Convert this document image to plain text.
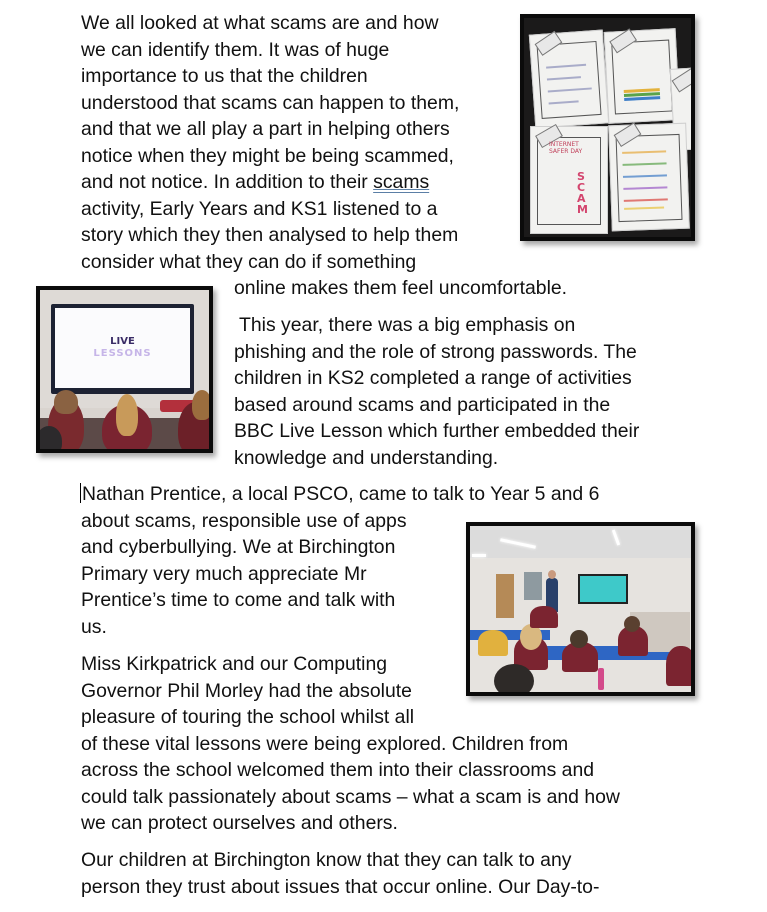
We all looked at what scams are and how
we can identify them. It was of huge
importance to us that the children
understood that scams can happen to them,
and that we all play a part in helping others
notice when they might be being scammed,
and not notice. In addition to their scams
activity, Early Years and KS1 listened to a
story which they then analysed to help them
consider what they can do if something
online makes them feel uncomfortable.
This year, there was a big emphasis on
phishing and the role of strong passwords. The
children in KS2 completed a range of activities
based around scams and participated in the
BBC Live Lesson which further embedded their
knowledge and understanding.
Nathan Prentice, a local PSCO, came to talk to Year 5 and 6
about scams, responsible use of apps
and cyberbullying. We at Birchington
Primary very much appreciate Mr
Prentice’s time to come and talk with
us.
Miss Kirkpatrick and our Computing
Governor Phil Morley had the absolute
pleasure of touring the school whilst all
of these vital lessons were being explored. Children from
across the school welcomed them into their classrooms and
could talk passionately about scams – what a scam is and how
we can protect ourselves and others.
Our children at Birchington know that they can talk to any
person they trust about issues that occur online. Our Day-to-
INTERNET SAFER DAY
SCAM
LIVE
LESSONS
